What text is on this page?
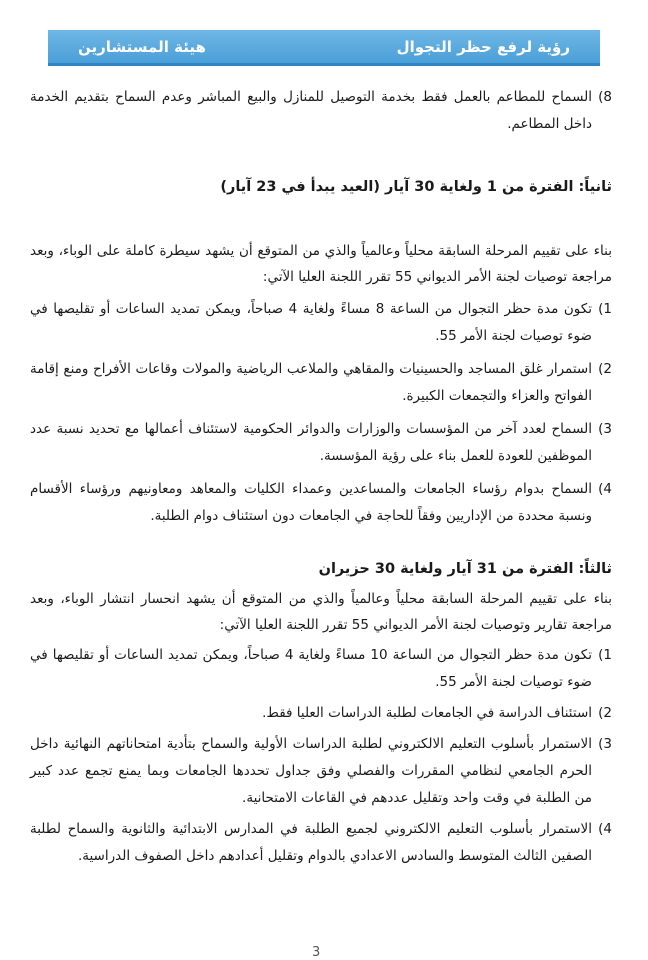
رؤية لرفع حظر التجوال
هيئة المستشارين
8)
السماح للمطاعم بالعمل فقط بخدمة التوصيل للمنازل والبيع المباشر وعدم السماح بتقديم الخدمة داخل المطاعم.
ثانياً: الفترة من 1 ولغاية 30 آيار (العيد يبدأ في 23 آيار)
بناء على تقييم المرحلة السابقة محلياً وعالمياً والذي من المتوقع أن يشهد سيطرة كاملة على الوباء، وبعد مراجعة توصيات لجنة الأمر الديواني 55 تقرر اللجنة العليا الآتي:
1)
تكون مدة حظر التجوال من الساعة 8 مساءً ولغاية 4 صباحاً، ويمكن تمديد الساعات أو تقليصها في ضوء توصيات لجنة الأمر 55.
2)
استمرار غلق المساجد والحسينيات والمقاهي والملاعب الرياضية والمولات وقاعات الأفراح ومنع إقامة الفواتح والعزاء والتجمعات الكبيرة.
3)
السماح لعدد آخر من المؤسسات والوزارات والدوائر الحكومية لاستئناف أعمالها مع تحديد نسبة عدد الموظفين للعودة للعمل بناء على رؤية المؤسسة.
4)
السماح بدوام رؤساء الجامعات والمساعدين وعمداء الكليات والمعاهد ومعاونيهم ورؤساء الأقسام ونسبة محددة من الإداريين وفقاً للحاجة في الجامعات دون استئناف دوام الطلبة.
ثالثاً: الفترة من 31 آيار ولغاية 30 حزيران
بناء على تقييم المرحلة السابقة محلياً وعالمياً والذي من المتوقع أن يشهد انحسار انتشار الوباء، وبعد مراجعة تقارير وتوصيات لجنة الأمر الديواني 55 تقرر اللجنة العليا الآتي:
1)
تكون مدة حظر التجوال من الساعة 10 مساءً ولغاية 4 صباحاً، ويمكن تمديد الساعات أو تقليصها في ضوء توصيات لجنة الأمر 55.
2)
استئناف الدراسة في الجامعات لطلبة الدراسات العليا فقط.
3)
الاستمرار بأسلوب التعليم الالكتروني لطلبة الدراسات الأولية والسماح بتأدية امتحاناتهم النهائية داخل الحرم الجامعي لنظامي المقررات والفصلي وفق جداول تحددها الجامعات وبما يمنع تجمع عدد كبير من الطلبة في وقت واحد وتقليل عددهم في القاعات الامتحانية.
4)
الاستمرار بأسلوب التعليم الالكتروني لجميع الطلبة في المدارس الابتدائية والثانوية والسماح لطلبة الصفين الثالث المتوسط والسادس الاعدادي بالدوام وتقليل أعدادهم داخل الصفوف الدراسية.
3
